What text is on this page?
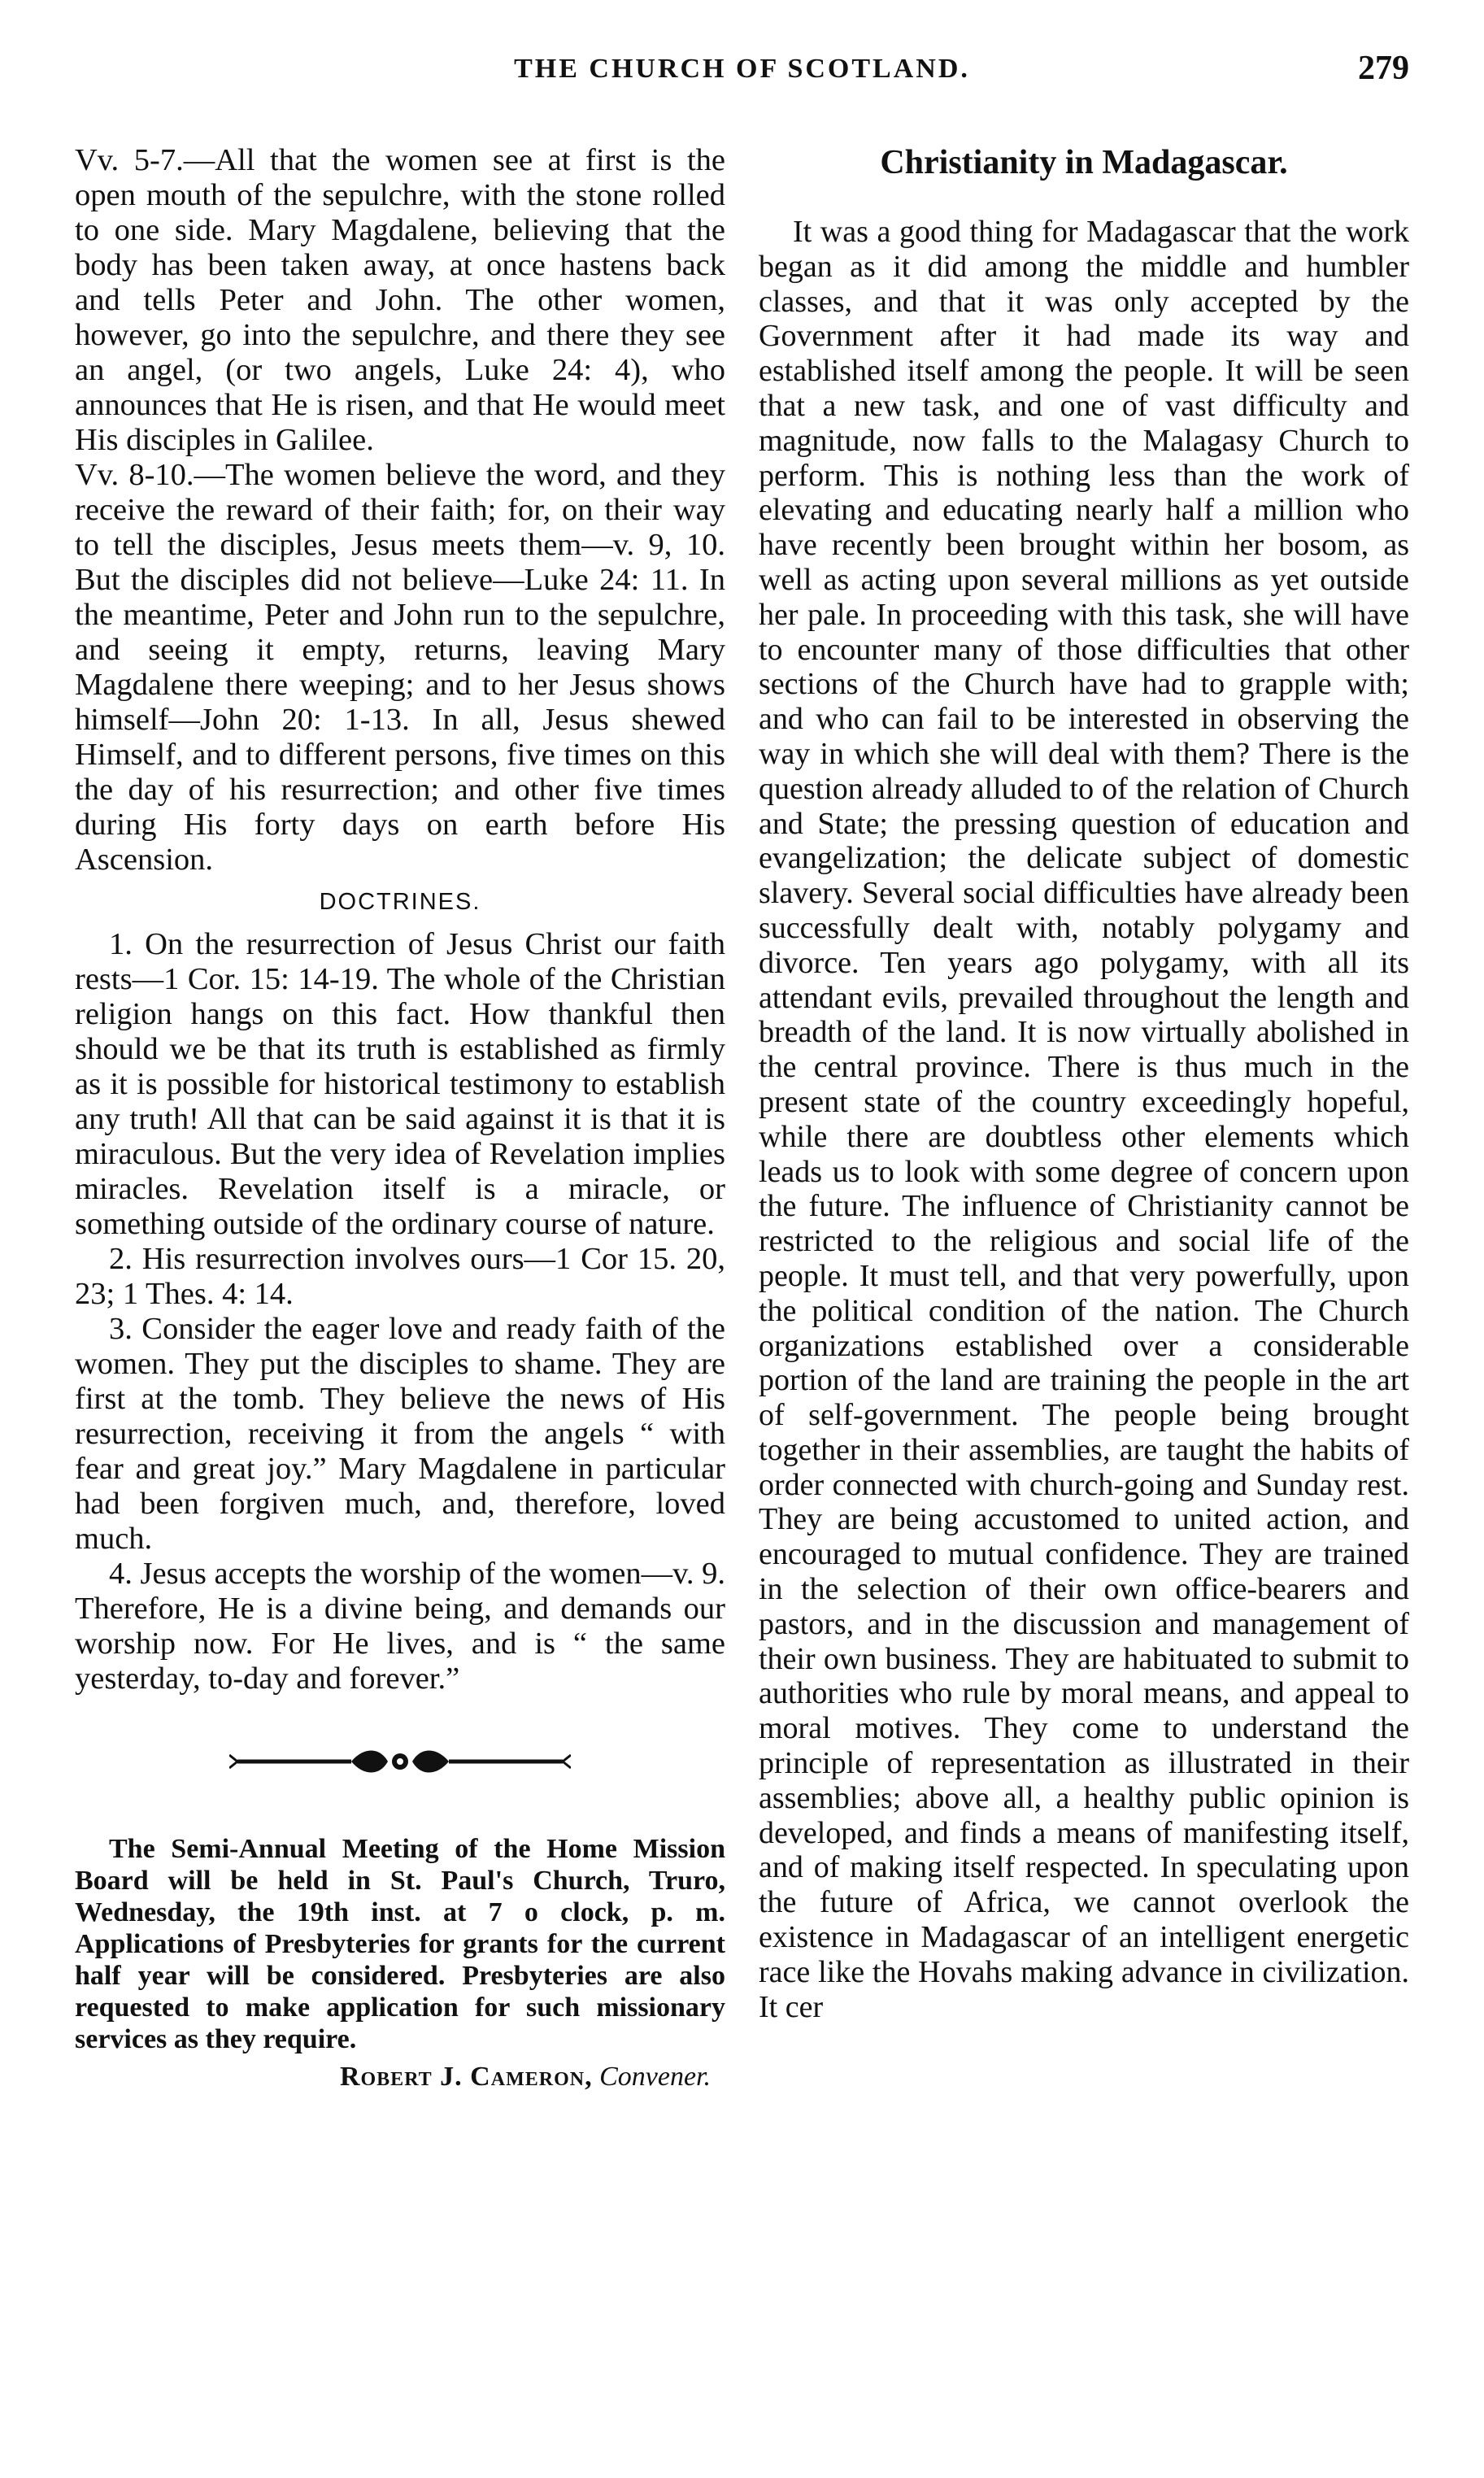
THE CHURCH OF SCOTLAND.	279

Vv. 5-7.—All that the women see at first is the open mouth of the sepulchre, with the stone rolled to one side. Mary Magdalene, believing that the body has been taken away, at once hastens back and tells Peter and John. The other women, however, go into the sepulchre, and there they see an angel, (or two angels, Luke 24: 4), who announces that He is risen, and that He would meet His disciples in Galilee.

Vv. 8-10.—The women believe the word, and they receive the reward of their faith; for, on their way to tell the disciples, Jesus meets them—v. 9, 10. But the disciples did not believe—Luke 24: 11. In the meantime, Peter and John run to the sepulchre, and seeing it empty, returns, leaving Mary Magdalene there weeping; and to her Jesus shows himself—John 20: 1-13. In all, Jesus shewed Himself, and to different persons, five times on this the day of his resurrection; and other five times during His forty days on earth before His Ascension.

DOCTRINES.

1. On the resurrection of Jesus Christ our faith rests—1 Cor. 15: 14-19. The whole of the Christian religion hangs on this fact. How thankful then should we be that its truth is established as firmly as it is possible for historical testimony to establish any truth! All that can be said against it is that it is miraculous. But the very idea of Revelation implies miracles. Revelation itself is a miracle, or something outside of the ordinary course of nature.

2. His resurrection involves ours—1 Cor 15. 20, 23; 1 Thes. 4: 14.

3. Consider the eager love and ready faith of the women. They put the disciples to shame. They are first at the tomb. They believe the news of His resurrection, receiving it from the angels “ with fear and great joy.” Mary Magdalene in particular had been forgiven much, and, therefore, loved much.

4. Jesus accepts the worship of the women—v. 9. Therefore, He is a divine being, and demands our worship now. For He lives, and is “ the same yesterday, to-day and forever.”

The Semi-Annual Meeting of the Home Mission Board will be held in St. Paul's Church, Truro, Wednesday, the 19th inst. at 7 o clock, p. m. Applications of Presbyteries for grants for the current half year will be considered. Presbyteries are also requested to make application for such missionary services as they require.

Robert J. Cameron, Convener.
Christianity in Madagascar.

It was a good thing for Madagascar that the work began as it did among the middle and humbler classes, and that it was only accepted by the Government after it had made its way and established itself among the people. It will be seen that a new task, and one of vast difficulty and magnitude, now falls to the Malagasy Church to perform. This is nothing less than the work of elevating and educating nearly half a million who have recently been brought within her bosom, as well as acting upon several millions as yet outside her pale. In proceeding with this task, she will have to encounter many of those difficulties that other sections of the Church have had to grapple with; and who can fail to be interested in observing the way in which she will deal with them? There is the question already alluded to of the relation of Church and State; the pressing question of education and evangelization; the delicate subject of domestic slavery. Several social difficulties have already been successfully dealt with, notably polygamy and divorce. Ten years ago polygamy, with all its attendant evils, prevailed throughout the length and breadth of the land. It is now virtually abolished in the central province. There is thus much in the present state of the country exceedingly hopeful, while there are doubtless other elements which leads us to look with some degree of concern upon the future. The influence of Christianity cannot be restricted to the religious and social life of the people. It must tell, and that very powerfully, upon the political condition of the nation. The Church organizations established over a considerable portion of the land are training the people in the art of self-government. The people being brought together in their assemblies, are taught the habits of order connected with church-going and Sunday rest. They are being accustomed to united action, and encouraged to mutual confidence. They are trained in the selection of their own office-bearers and pastors, and in the discussion and management of their own business. They are habituated to submit to authorities who rule by moral means, and appeal to moral motives. They come to understand the principle of representation as illustrated in their assemblies; above all, a healthy public opinion is developed, and finds a means of manifesting itself, and of making itself respected. In speculating upon the future of Africa, we cannot overlook the existence in Madagascar of an intelligent energetic race like the Hovahs making advance in civilization. It cer
